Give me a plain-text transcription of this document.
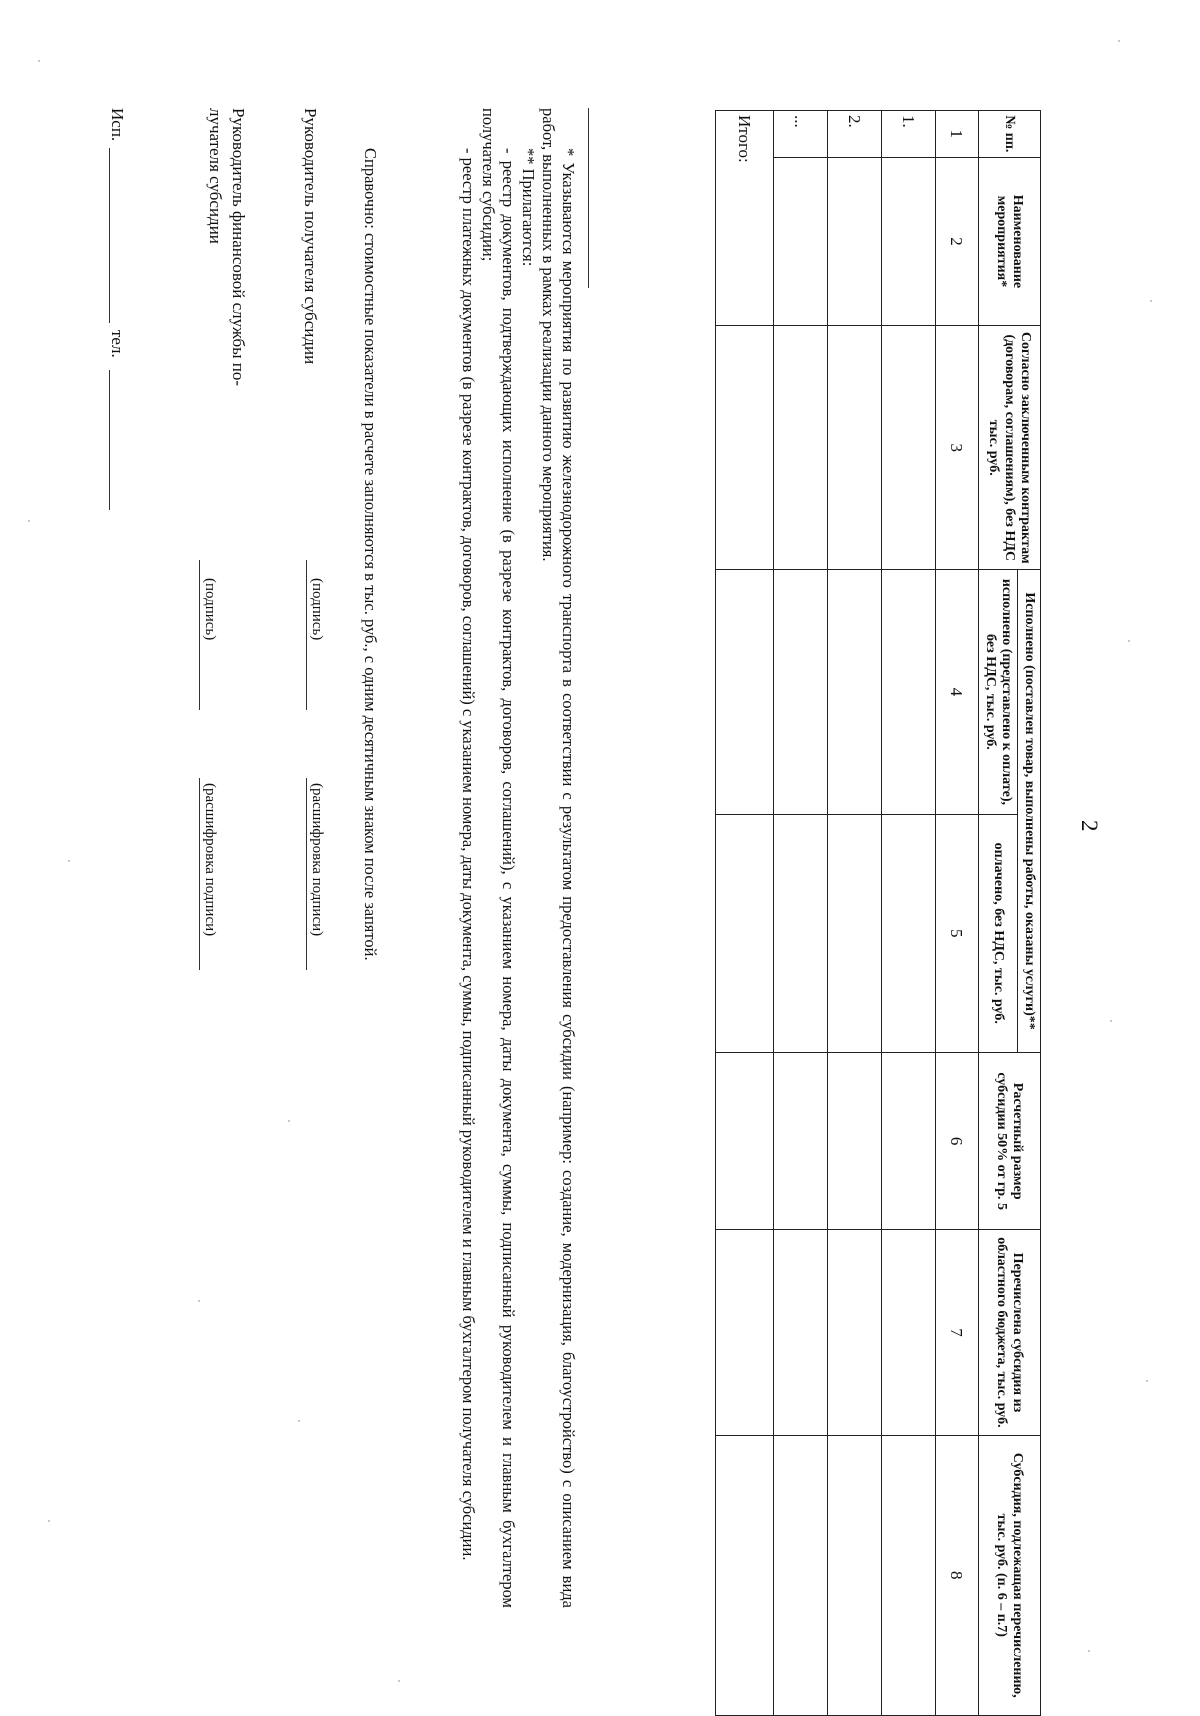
2
№ пп.	Наименование мероприятия*	Согласно заключенным контрактам (договорам, соглашениям), без НДС тыс. руб.	Исполнено (поставлен товар, выполнены работы, оказаны услуги)**		Расчетный размер субсидии 50% от гр. 5	Перечислена субсидия из областного бюджета, тыс. руб.	Субсидия, подлежащая перечислению, тыс. руб. (п. 6 – п.7)
			исполнено (представлено к оплате), без НДС, тыс. руб.	оплачено, без НДС, тыс. руб.			
1	2	3	4	5	6	7	8
1.							
2.							
...							
Итого:							

* Указываются мероприятия по развитию железнодорожного транспорта в соответствии с результатом предоставления субсидии (например: создание, модернизация, благоустройство) с описанием вида работ, выполненных в рамках реализации данного мероприятия.

** Прилагаются:

- реестр документов, подтверждающих исполнение (в разрезе контрактов, договоров, соглашений), с указанием номера, даты документа, суммы, подписанный руководителем и главным бухгалтером получателя субсидии;

- реестр платежных документов (в разрезе контрактов, договоров, соглашений) с указанием номера, даты документа, суммы, подписанный руководителем и главным бухгалтером получателя субсидии.

Справочно: стоимостные показатели в расчете заполняются в тыс. руб., с одним десятичным знаком после запятой.

Руководитель получателя субсидии
(подпись)
(расшифровка подписи)
Руководитель финансовой службы по-
лучателя субсидии
(подпись)
(расшифровка подписи)
Исп.
тел.
